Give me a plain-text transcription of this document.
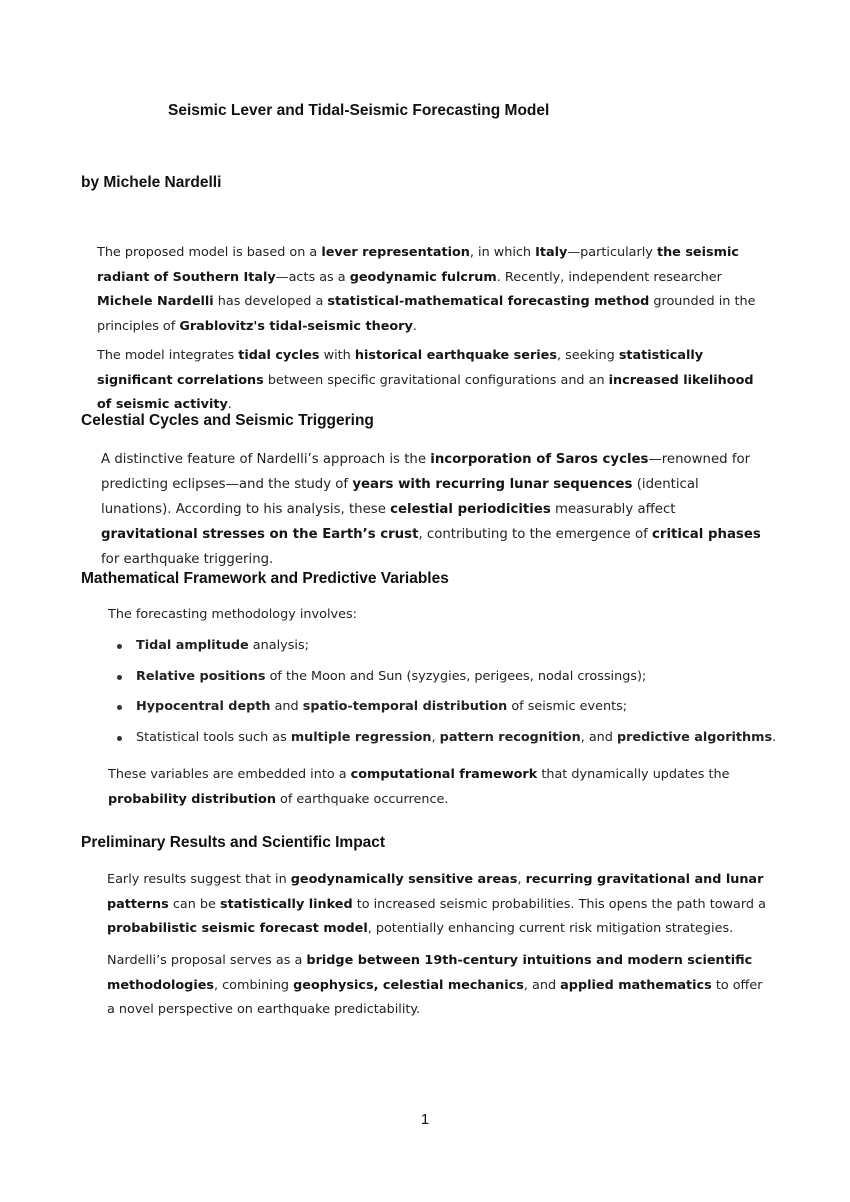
Seismic Lever and Tidal-Seismic Forecasting Model
by Michele Nardelli

The proposed model is based on a lever representation, in which Italy—particularly the seismic radiant of Southern Italy—acts as a geodynamic fulcrum. Recently, independent researcher Michele Nardelli has developed a statistical-mathematical forecasting method grounded in the principles of Grablovitz's tidal-seismic theory.

The model integrates tidal cycles with historical earthquake series, seeking statistically significant correlations between specific gravitational configurations and an increased likelihood of seismic activity.

Celestial Cycles and Seismic Triggering

A distinctive feature of Nardelli’s approach is the incorporation of Saros cycles—renowned for predicting eclipses—and the study of years with recurring lunar sequences (identical lunations). According to his analysis, these celestial periodicities measurably affect gravitational stresses on the Earth’s crust, contributing to the emergence of critical phases for earthquake triggering.

Mathematical Framework and Predictive Variables

The forecasting methodology involves:

Tidal amplitude analysis;
Relative positions of the Moon and Sun (syzygies, perigees, nodal crossings);
Hypocentral depth and spatio-temporal distribution of seismic events;
Statistical tools such as multiple regression, pattern recognition, and predictive algorithms.

These variables are embedded into a computational framework that dynamically updates the probability distribution of earthquake occurrence.

Preliminary Results and Scientific Impact

Early results suggest that in geodynamically sensitive areas, recurring gravitational and lunar patterns can be statistically linked to increased seismic probabilities. This opens the path toward a probabilistic seismic forecast model, potentially enhancing current risk mitigation strategies.

Nardelli’s proposal serves as a bridge between 19th-century intuitions and modern scientific methodologies, combining geophysics, celestial mechanics, and applied mathematics to offer a novel perspective on earthquake predictability.

1
